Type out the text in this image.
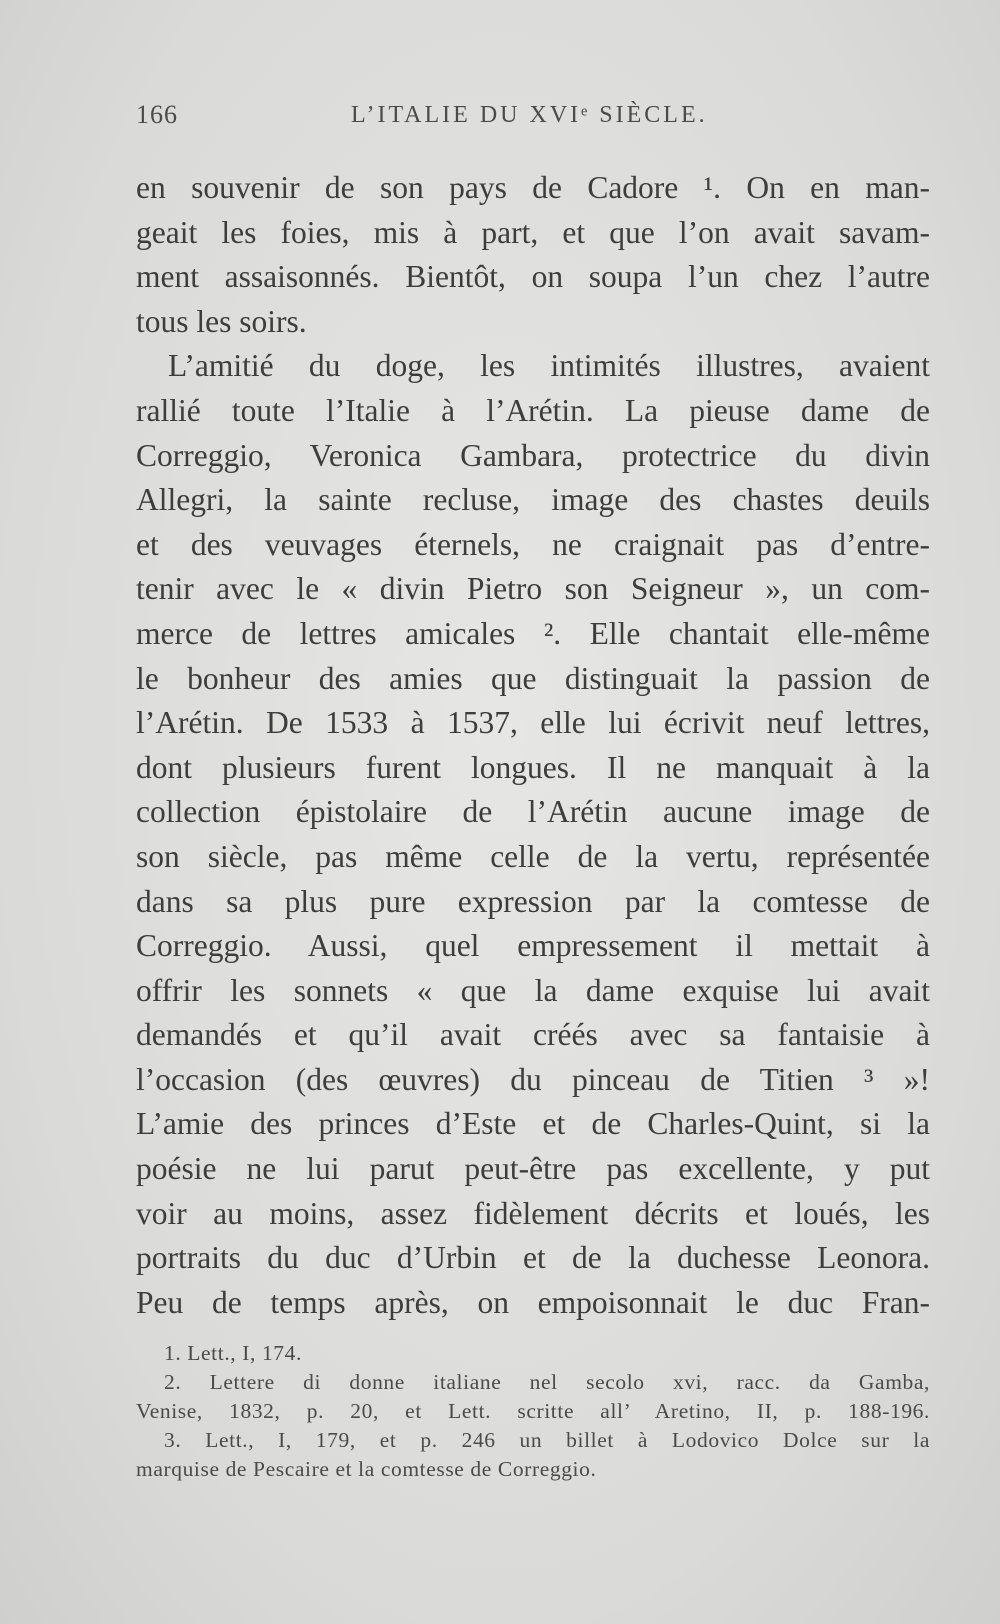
166	L’ITALIE DU XVIᵉ SIÈCLE.
en souvenir de son pays de Cadore ¹. On en man-
geait les foies, mis à part, et que l’on avait savam-
ment assaisonnés. Bientôt, on soupa l’un chez l’autre
tous les soirs.
L’amitié du doge, les intimités illustres, avaient
rallié toute l’Italie à l’Arétin. La pieuse dame de
Correggio, Veronica Gambara, protectrice du divin
Allegri, la sainte recluse, image des chastes deuils
et des veuvages éternels, ne craignait pas d’entre-
tenir avec le « divin Pietro son Seigneur », un com-
merce de lettres amicales ². Elle chantait elle-même
le bonheur des amies que distinguait la passion de
l’Arétin. De 1533 à 1537, elle lui écrivit neuf lettres,
dont plusieurs furent longues. Il ne manquait à la
collection épistolaire de l’Arétin aucune image de
son siècle, pas même celle de la vertu, représentée
dans sa plus pure expression par la comtesse de
Correggio. Aussi, quel empressement il mettait à
offrir les sonnets « que la dame exquise lui avait
demandés et qu’il avait créés avec sa fantaisie à
l’occasion (des œuvres) du pinceau de Titien ³ »!
L’amie des princes d’Este et de Charles-Quint, si la
poésie ne lui parut peut-être pas excellente, y put
voir au moins, assez fidèlement décrits et loués, les
portraits du duc d’Urbin et de la duchesse Leonora.
Peu de temps après, on empoisonnait le duc Fran-
1. Lett., I, 174.
2. Lettere di donne italiane nel secolo xvi, racc. da Gamba,
Venise, 1832, p. 20, et Lett. scritte all’ Aretino, II, p. 188-196.
3. Lett., I, 179, et p. 246 un billet à Lodovico Dolce sur la
marquise de Pescaire et la comtesse de Correggio.
